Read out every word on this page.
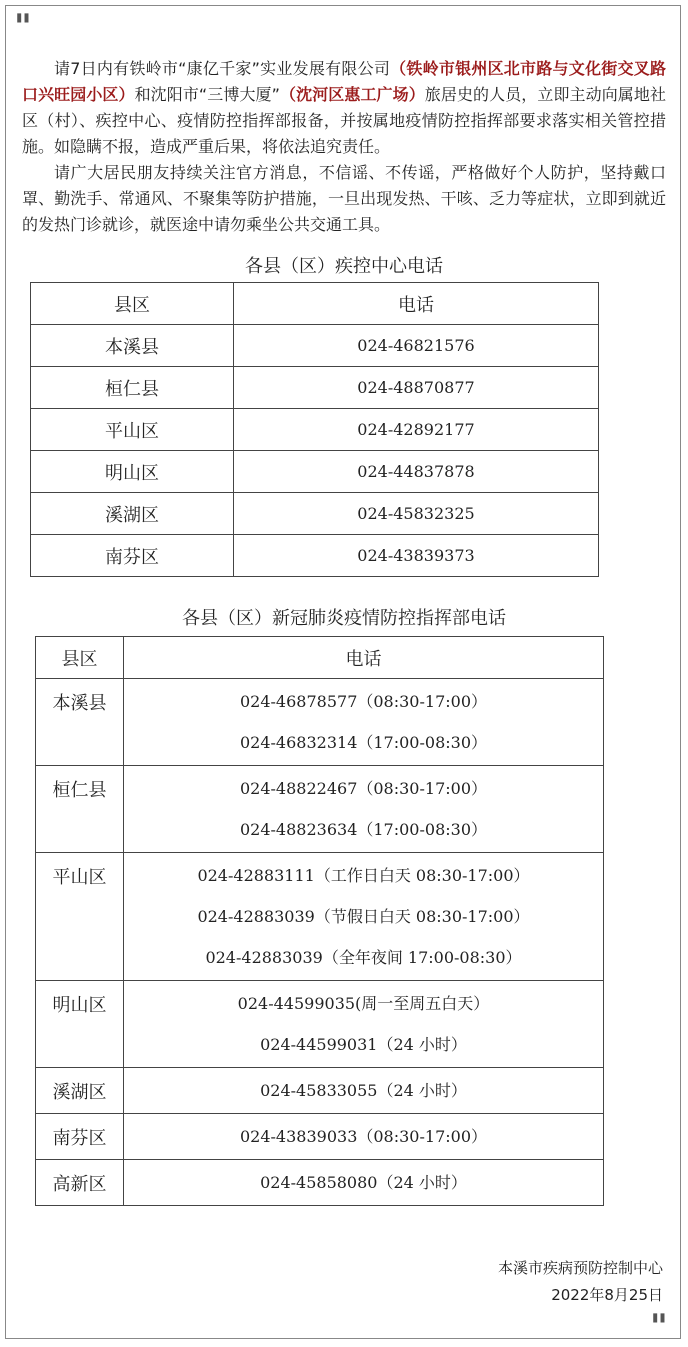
"

请7日内有铁岭市“康亿千家”实业发展有限公司（铁岭市银州区北市路与文化街交叉路口兴旺园小区）和沈阳市“三博大厦”（沈河区惠工广场）旅居史的人员，立即主动向属地社区（村）、疾控中心、疫情防控指挥部报备，并按属地疫情防控指挥部要求落实相关管控措施。如隐瞒不报，造成严重后果，将依法追究责任。

请广大居民朋友持续关注官方消息，不信谣、不传谣，严格做好个人防护，坚持戴口罩、勤洗手、常通风、不聚集等防护措施，一旦出现发热、干咳、乏力等症状，立即到就近的发热门诊就诊，就医途中请勿乘坐公共交通工具。

各县（区）疾控中心电话
县区	电话
本溪县	024-46821576
桓仁县	024-48870877
平山区	024-42892177
明山区	024-44837878
溪湖区	024-45832325
南芬区	024-43839373
各县（区）新冠肺炎疫情防控指挥部电话
县区	电话
本溪县	024-46878577（08:30-17:00）
024-46832314（17:00-08:30）

桓仁县	024-48822467（08:30-17:00）
024-48823634（17:00-08:30）

平山区	024-42883111（工作日白天 08:30-17:00）
024-42883039（节假日白天 08:30-17:00）
024-42883039（全年夜间 17:00-08:30）

明山区	024-44599035(周一至周五白天）
024-44599031（24 小时）

溪湖区	024-45833055（24 小时）

南芬区	024-43839033（08:30-17:00）

高新区	024-45858080（24 小时）
本溪市疾病预防控制中心
2022年8月25日
"
